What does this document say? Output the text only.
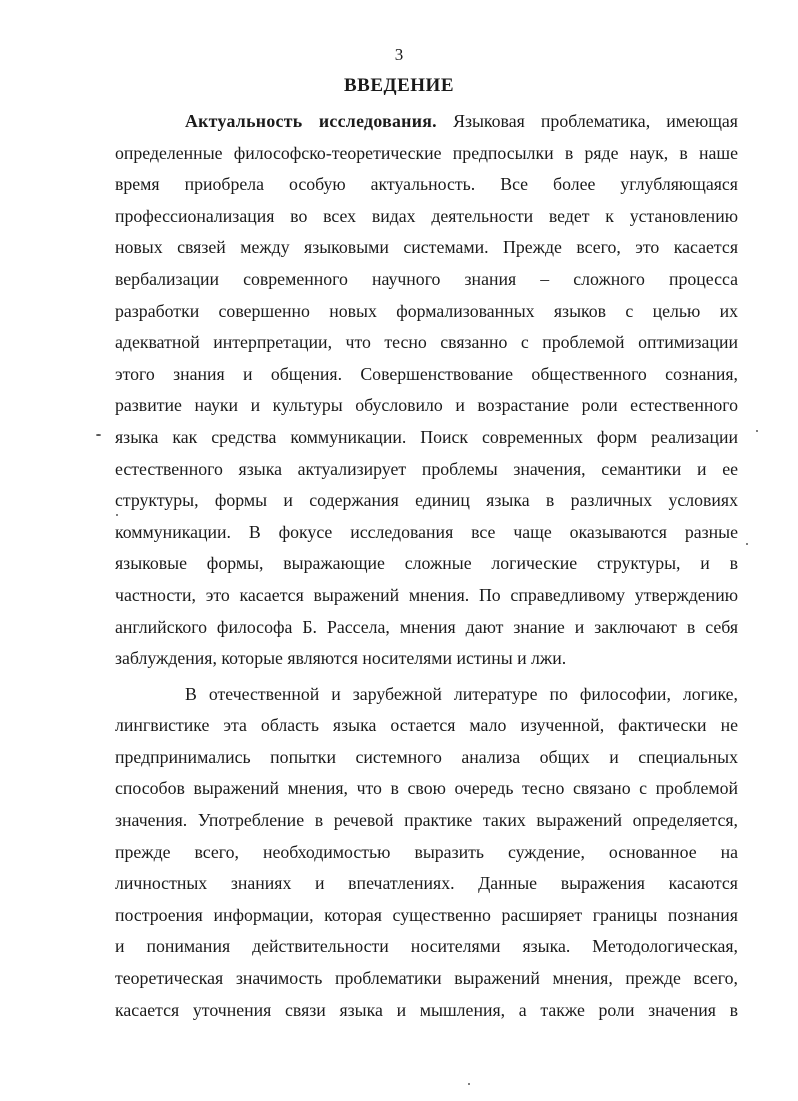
3
ВВЕДЕНИЕ
Актуальность исследования. Языковая проблематика, имеющая
определенные философско-теоретические предпосылки в ряде наук, в наше
время приобрела особую актуальность. Все более углубляющаяся
профессионализация во всех видах деятельности ведет к установлению
новых связей между языковыми системами. Прежде всего, это касается
вербализации современного научного знания – сложного процесса
разработки совершенно новых формализованных языков с целью их
адекватной интерпретации, что тесно связанно с проблемой оптимизации
этого знания и общения. Совершенствование общественного сознания,
развитие науки и культуры обусловило и возрастание роли естественного
языка как средства коммуникации. Поиск современных форм реализации
естественного языка актуализирует проблемы значения, семантики и ее
структуры, формы и содержания единиц языка в различных условиях
коммуникации. В фокусе исследования все чаще оказываются разные
языковые формы, выражающие сложные логические структуры, и в
частности, это касается выражений мнения. По справедливому утверждению
английского философа Б. Рассела, мнения дают знание и заключают в себя
заблуждения, которые являются носителями истины и лжи.
В отечественной и зарубежной литературе по философии, логике,
лингвистике эта область языка остается мало изученной, фактически не
предпринимались попытки системного анализа общих и специальных
способов выражений мнения, что в свою очередь тесно связано с проблемой
значения. Употребление в речевой практике таких выражений определяется,
прежде всего, необходимостью выразить суждение, основанное на
личностных знаниях и впечатлениях. Данные выражения касаются
построения информации, которая существенно расширяет границы познания
и понимания действительности носителями языка. Методологическая,
теоретическая значимость проблематики выражений мнения, прежде всего,
касается уточнения связи языка и мышления, а также роли значения в
